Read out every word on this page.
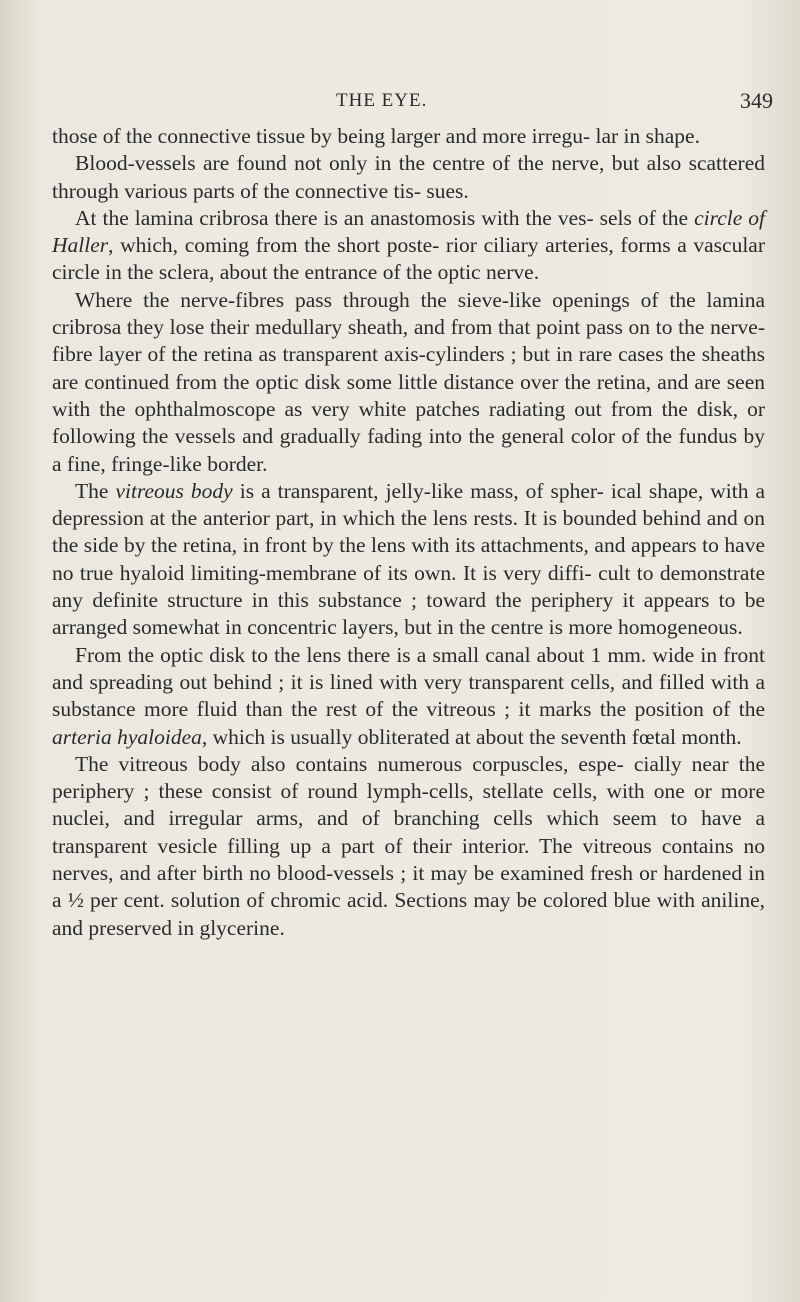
THE EYE.	349

those of the connective tissue by being larger and more irregu- lar in shape.

Blood-vessels are found not only in the centre of the nerve, but also scattered through various parts of the connective tis- sues.

At the lamina cribrosa there is an anastomosis with the ves- sels of the circle of Haller, which, coming from the short poste- rior ciliary arteries, forms a vascular circle in the sclera, about the entrance of the optic nerve.

Where the nerve-fibres pass through the sieve-like openings of the lamina cribrosa they lose their medullary sheath, and from that point pass on to the nerve-fibre layer of the retina as transparent axis-cylinders ; but in rare cases the sheaths are continued from the optic disk some little distance over the retina, and are seen with the ophthalmoscope as very white patches radiating out from the disk, or following the vessels and gradually fading into the general color of the fundus by a fine, fringe-like border.

The vitreous body is a transparent, jelly-like mass, of spher- ical shape, with a depression at the anterior part, in which the lens rests. It is bounded behind and on the side by the retina, in front by the lens with its attachments, and appears to have no true hyaloid limiting-membrane of its own. It is very diffi- cult to demonstrate any definite structure in this substance ; toward the periphery it appears to be arranged somewhat in concentric layers, but in the centre is more homogeneous.

From the optic disk to the lens there is a small canal about 1 mm. wide in front and spreading out behind ; it is lined with very transparent cells, and filled with a substance more fluid than the rest of the vitreous ; it marks the position of the arteria hyaloidea, which is usually obliterated at about the seventh fœtal month.

The vitreous body also contains numerous corpuscles, espe- cially near the periphery ; these consist of round lymph-cells, stellate cells, with one or more nuclei, and irregular arms, and of branching cells which seem to have a transparent vesicle filling up a part of their interior. The vitreous contains no nerves, and after birth no blood-vessels ; it may be examined fresh or hardened in a ½ per cent. solution of chromic acid. Sections may be colored blue with aniline, and preserved in glycerine.
